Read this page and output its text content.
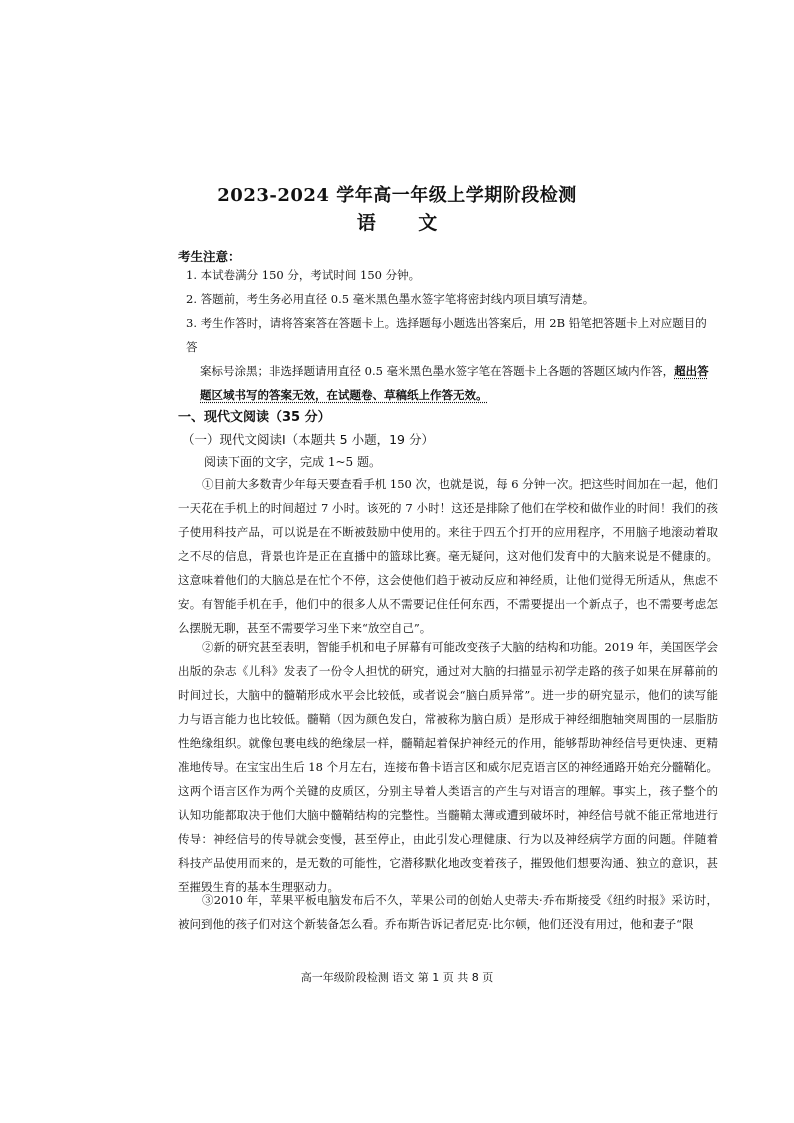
2023-2024 学年高一年级上学期阶段检测
语 文
考生注意：
1. 本试卷满分 150 分，考试时间 150 分钟。
2. 答题前，考生务必用直径 0.5 毫米黑色墨水签字笔将密封线内项目填写清楚。
3. 考生作答时，请将答案答在答题卡上。选择题每小题选出答案后，用 2B 铅笔把答题卡上对应题目的答
案标号涂黑；非选择题请用直径 0.5 毫米黑色墨水签字笔在答题卡上各题的答题区域内作答，超出答题区域书写的答案无效，在试题卷、草稿纸上作答无效。
一、现代文阅读（35 分）
（一）现代文阅读Ⅰ（本题共 5 小题，19 分）
阅读下面的文字，完成 1~5 题。
①目前大多数青少年每天要查看手机 150 次，也就是说，每 6 分钟一次。把这些时间加在一起，他们一天花在手机上的时间超过 7 小时。该死的 7 小时！这还是排除了他们在学校和做作业的时间！我们的孩子使用科技产品，可以说是在不断被鼓励中使用的。来往于四五个打开的应用程序，不用脑子地滚动着取之不尽的信息，背景也许是正在直播中的篮球比赛。毫无疑问，这对他们发育中的大脑来说是不健康的。这意味着他们的大脑总是在忙个不停，这会使他们趋于被动反应和神经质，让他们觉得无所适从，焦虑不安。有智能手机在手，他们中的很多人从不需要记住任何东西，不需要提出一个新点子，也不需要考虑怎么摆脱无聊，甚至不需要学习坐下来“放空自己”。
②新的研究甚至表明，智能手机和电子屏幕有可能改变孩子大脑的结构和功能。2019 年，美国医学会出版的杂志《儿科》发表了一份令人担忧的研究，通过对大脑的扫描显示初学走路的孩子如果在屏幕前的时间过长，大脑中的髓鞘形成水平会比较低，或者说会“脑白质异常”。进一步的研究显示，他们的读写能力与语言能力也比较低。髓鞘（因为颜色发白，常被称为脑白质）是形成于神经细胞轴突周围的一层脂肪性绝缘组织。就像包裹电线的绝缘层一样，髓鞘起着保护神经元的作用，能够帮助神经信号更快速、更精准地传导。在宝宝出生后 18 个月左右，连接布鲁卡语言区和威尔尼克语言区的神经通路开始充分髓鞘化。这两个语言区作为两个关键的皮质区，分别主导着人类语言的产生与对语言的理解。事实上，孩子整个的认知功能都取决于他们大脑中髓鞘结构的完整性。当髓鞘太薄或遭到破坏时，神经信号就不能正常地进行传导：神经信号的传导就会变慢，甚至停止，由此引发心理健康、行为以及神经病学方面的问题。伴随着科技产品使用而来的，是无数的可能性，它潜移默化地改变着孩子，摧毁他们想要沟通、独立的意识，甚至摧毁生育的基本生理驱动力。
③2010 年，苹果平板电脑发布后不久，苹果公司的创始人史蒂夫·乔布斯接受《纽约时报》采访时，被问到他的孩子们对这个新装备怎么看。乔布斯告诉记者尼克·比尔顿，他们还没有用过，他和妻子“限
高一年级阶段检测 语文 第 1 页 共 8 页
